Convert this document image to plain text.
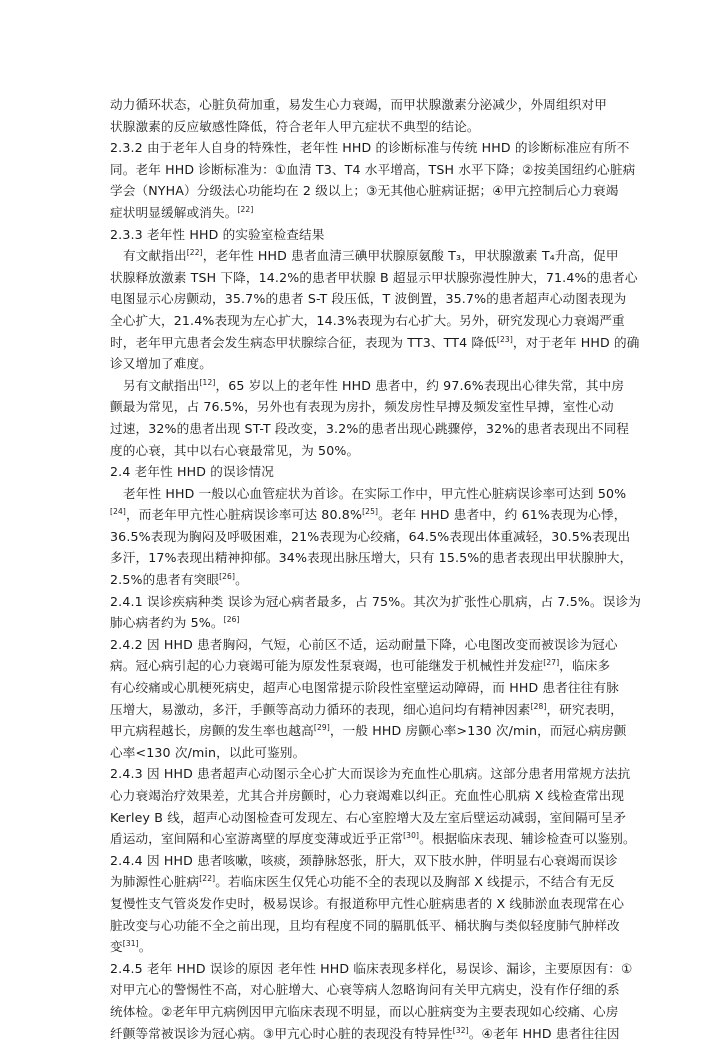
动力循环状态，心脏负荷加重，易发生心力衰竭，而甲状腺激素分泌减少，外周组织对甲
状腺激素的反应敏感性降低，符合老年人甲亢症状不典型的结论。
2.3.2 由于老年人自身的特殊性，老年性 HHD 的诊断标准与传统 HHD 的诊断标准应有所不
同。老年 HHD 诊断标准为：①血清 T3、T4 水平增高，TSH 水平下降；②按美国纽约心脏病
学会（NYHA）分级法心功能均在 2 级以上；③无其他心脏病证据；④甲亢控制后心力衰竭
症状明显缓解或消失。[22]
2.3.3 老年性 HHD 的实验室检查结果
有文献指出[22]，老年性 HHD 患者血清三碘甲状腺原氨酸 T₃，甲状腺激素 T₄升高，促甲
状腺释放激素 TSH 下降，14.2%的患者甲状腺 B 超显示甲状腺弥漫性肿大，71.4%的患者心
电图显示心房颤动，35.7%的患者 S-T 段压低，T 波倒置，35.7%的患者超声心动图表现为
全心扩大，21.4%表现为左心扩大，14.3%表现为右心扩大。另外，研究发现心力衰竭严重
时，老年甲亢患者会发生病态甲状腺综合征，表现为 TT3、TT4 降低[23]，对于老年 HHD 的确
诊又增加了难度。
另有文献指出[12]，65 岁以上的老年性 HHD 患者中，约 97.6%表现出心律失常，其中房
颤最为常见，占 76.5%，另外也有表现为房扑，频发房性早搏及频发室性早搏，室性心动
过速，32%的患者出现 ST-T 段改变，3.2%的患者出现心跳骤停，32%的患者表现出不同程
度的心衰，其中以右心衰最常见，为 50%。
2.4 老年性 HHD 的误诊情况
老年性 HHD 一般以心血管症状为首诊。在实际工作中，甲亢性心脏病误诊率可达到 50%
[24]，而老年甲亢性心脏病误诊率可达 80.8%[25]。老年 HHD 患者中，约 61%表现为心悸，
36.5%表现为胸闷及呼吸困难，21%表现为心绞痛，64.5%表现出体重减轻，30.5%表现出
多汗，17%表现出精神抑郁。34%表现出脉压增大，只有 15.5%的患者表现出甲状腺肿大，
2.5%的患者有突眼[26]。
2.4.1 误诊疾病种类 误诊为冠心病者最多，占 75%。其次为扩张性心肌病，占 7.5%。误诊为
肺心病者约为 5%。[26]
2.4.2 因 HHD 患者胸闷，气短，心前区不适，运动耐量下降，心电图改变而被误诊为冠心
病。冠心病引起的心力衰竭可能为原发性泵衰竭，也可能继发于机械性并发症[27]，临床多
有心绞痛或心肌梗死病史，超声心电图常提示阶段性室壁运动障碍，而 HHD 患者往往有脉
压增大，易激动，多汗，手颤等高动力循环的表现，细心追问均有精神因素[28]，研究表明，
甲亢病程越长，房颤的发生率也越高[29]，一般 HHD 房颤心率>130 次/min，而冠心病房颤
心率<130 次/min，以此可鉴别。
2.4.3 因 HHD 患者超声心动图示全心扩大而误诊为充血性心肌病。这部分患者用常规方法抗
心力衰竭治疗效果差，尤其合并房颤时，心力衰竭难以纠正。充血性心肌病 X 线检查常出现
Kerley B 线，超声心动图检查可发现左、右心室腔增大及左室后壁运动减弱，室间隔可呈矛
盾运动，室间隔和心室游离壁的厚度变薄或近乎正常[30]。根据临床表现、辅诊检查可以鉴别。
2.4.4 因 HHD 患者咳嗽，咳痰，颈静脉怒张，肝大，双下肢水肿，伴明显右心衰竭而误诊
为肺源性心脏病[22]。若临床医生仅凭心功能不全的表现以及胸部 X 线提示，不结合有无反
复慢性支气管炎发作史时，极易误诊。有报道称甲亢性心脏病患者的 X 线肺淤血表现常在心
脏改变与心功能不全之前出现，且均有程度不同的膈肌低平、桶状胸与类似轻度肺气肿样改
变[31]。
2.4.5 老年 HHD 误诊的原因 老年性 HHD 临床表现多样化，易误诊、漏诊，主要原因有：①
对甲亢心的警惕性不高，对心脏增大、心衰等病人忽略询问有关甲亢病史，没有作仔细的系
统体检。②老年甲亢病例因甲亢临床表现不明显，而以心脏病变为主要表现如心绞痛、心房
纤颤等常被误诊为冠心病。③甲亢心时心脏的表现没有特异性[32]。④老年 HHD 患者往往因
